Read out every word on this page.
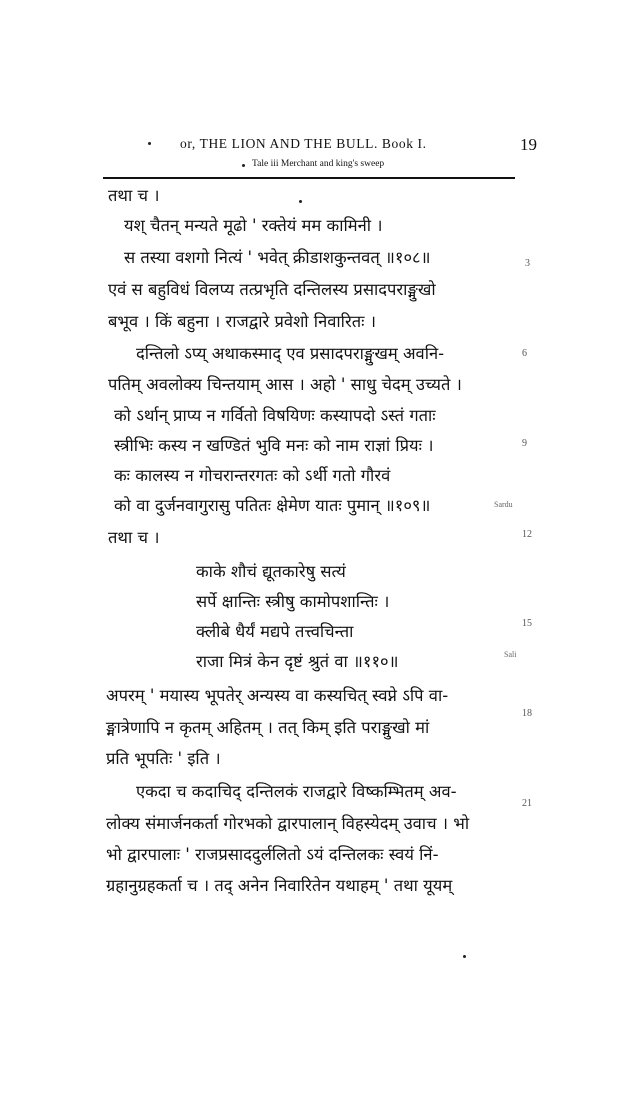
or, THE LION AND THE BULL. Book I.	19
Tale iii Merchant and king's sweep
तथा च ।
यश् चैतन् मन्यते मूढो ' रक्तेयं मम कामिनी ।
स तस्या वशगो नित्यं ' भवेत् क्रीडाशकुन्तवत् ॥१०८॥
एवं स बहुविधं विलप्य तत्प्रभृति दन्तिलस्य प्रसादपराङ्मुखो
बभूव । किं बहुना । राजद्वारे प्रवेशो निवारितः ।
दन्तिलो ऽप्य् अथाकस्माद् एव प्रसादपराङ्मुखम् अवनि-
पतिम् अवलोक्य चिन्तयाम् आस । अहो ' साधु चेदम् उच्यते ।
को ऽर्थान् प्राप्य न गर्वितो विषयिणः कस्यापदो ऽस्तं गताः
स्त्रीभिः कस्य न खण्डितं भुवि मनः को नाम राज्ञां प्रियः ।
कः कालस्य न गोचरान्तरगतः को ऽर्थी गतो गौरवं
को वा दुर्जनवागुरासु पतितः क्षेमेण यातः पुमान् ॥१०९॥
तथा च ।
काके शौचं द्यूतकारेषु सत्यं
सर्पे क्षान्तिः स्त्रीषु कामोपशान्तिः ।
क्लीबे धैर्यं मद्यपे तत्त्वचिन्ता
राजा मित्रं केन दृष्टं श्रुतं वा ॥११०॥
अपरम् ' मयास्य भूपतेर् अन्यस्य वा कस्यचित् स्वप्ने ऽपि वा-
ङ्मात्रेणापि न कृतम् अहितम् । तत् किम् इति पराङ्मुखो मां
प्रति भूपतिः ' इति ।
एकदा च कदाचिद् दन्तिलकं राजद्वारे विष्कम्भितम् अव-
लोक्य संमार्जनकर्ता गोरभको द्वारपालान् विहस्येदम् उवाच । भो
भो द्वारपालाः ' राजप्रसाददुर्ललितो ऽयं दन्तिलकः स्वयं निं-
ग्रहानुग्रहकर्ता च । तद् अनेन निवारितेन यथाहम् ' तथा यूयम्
3
6
9
12
15
18
21
Sardu
Sali
